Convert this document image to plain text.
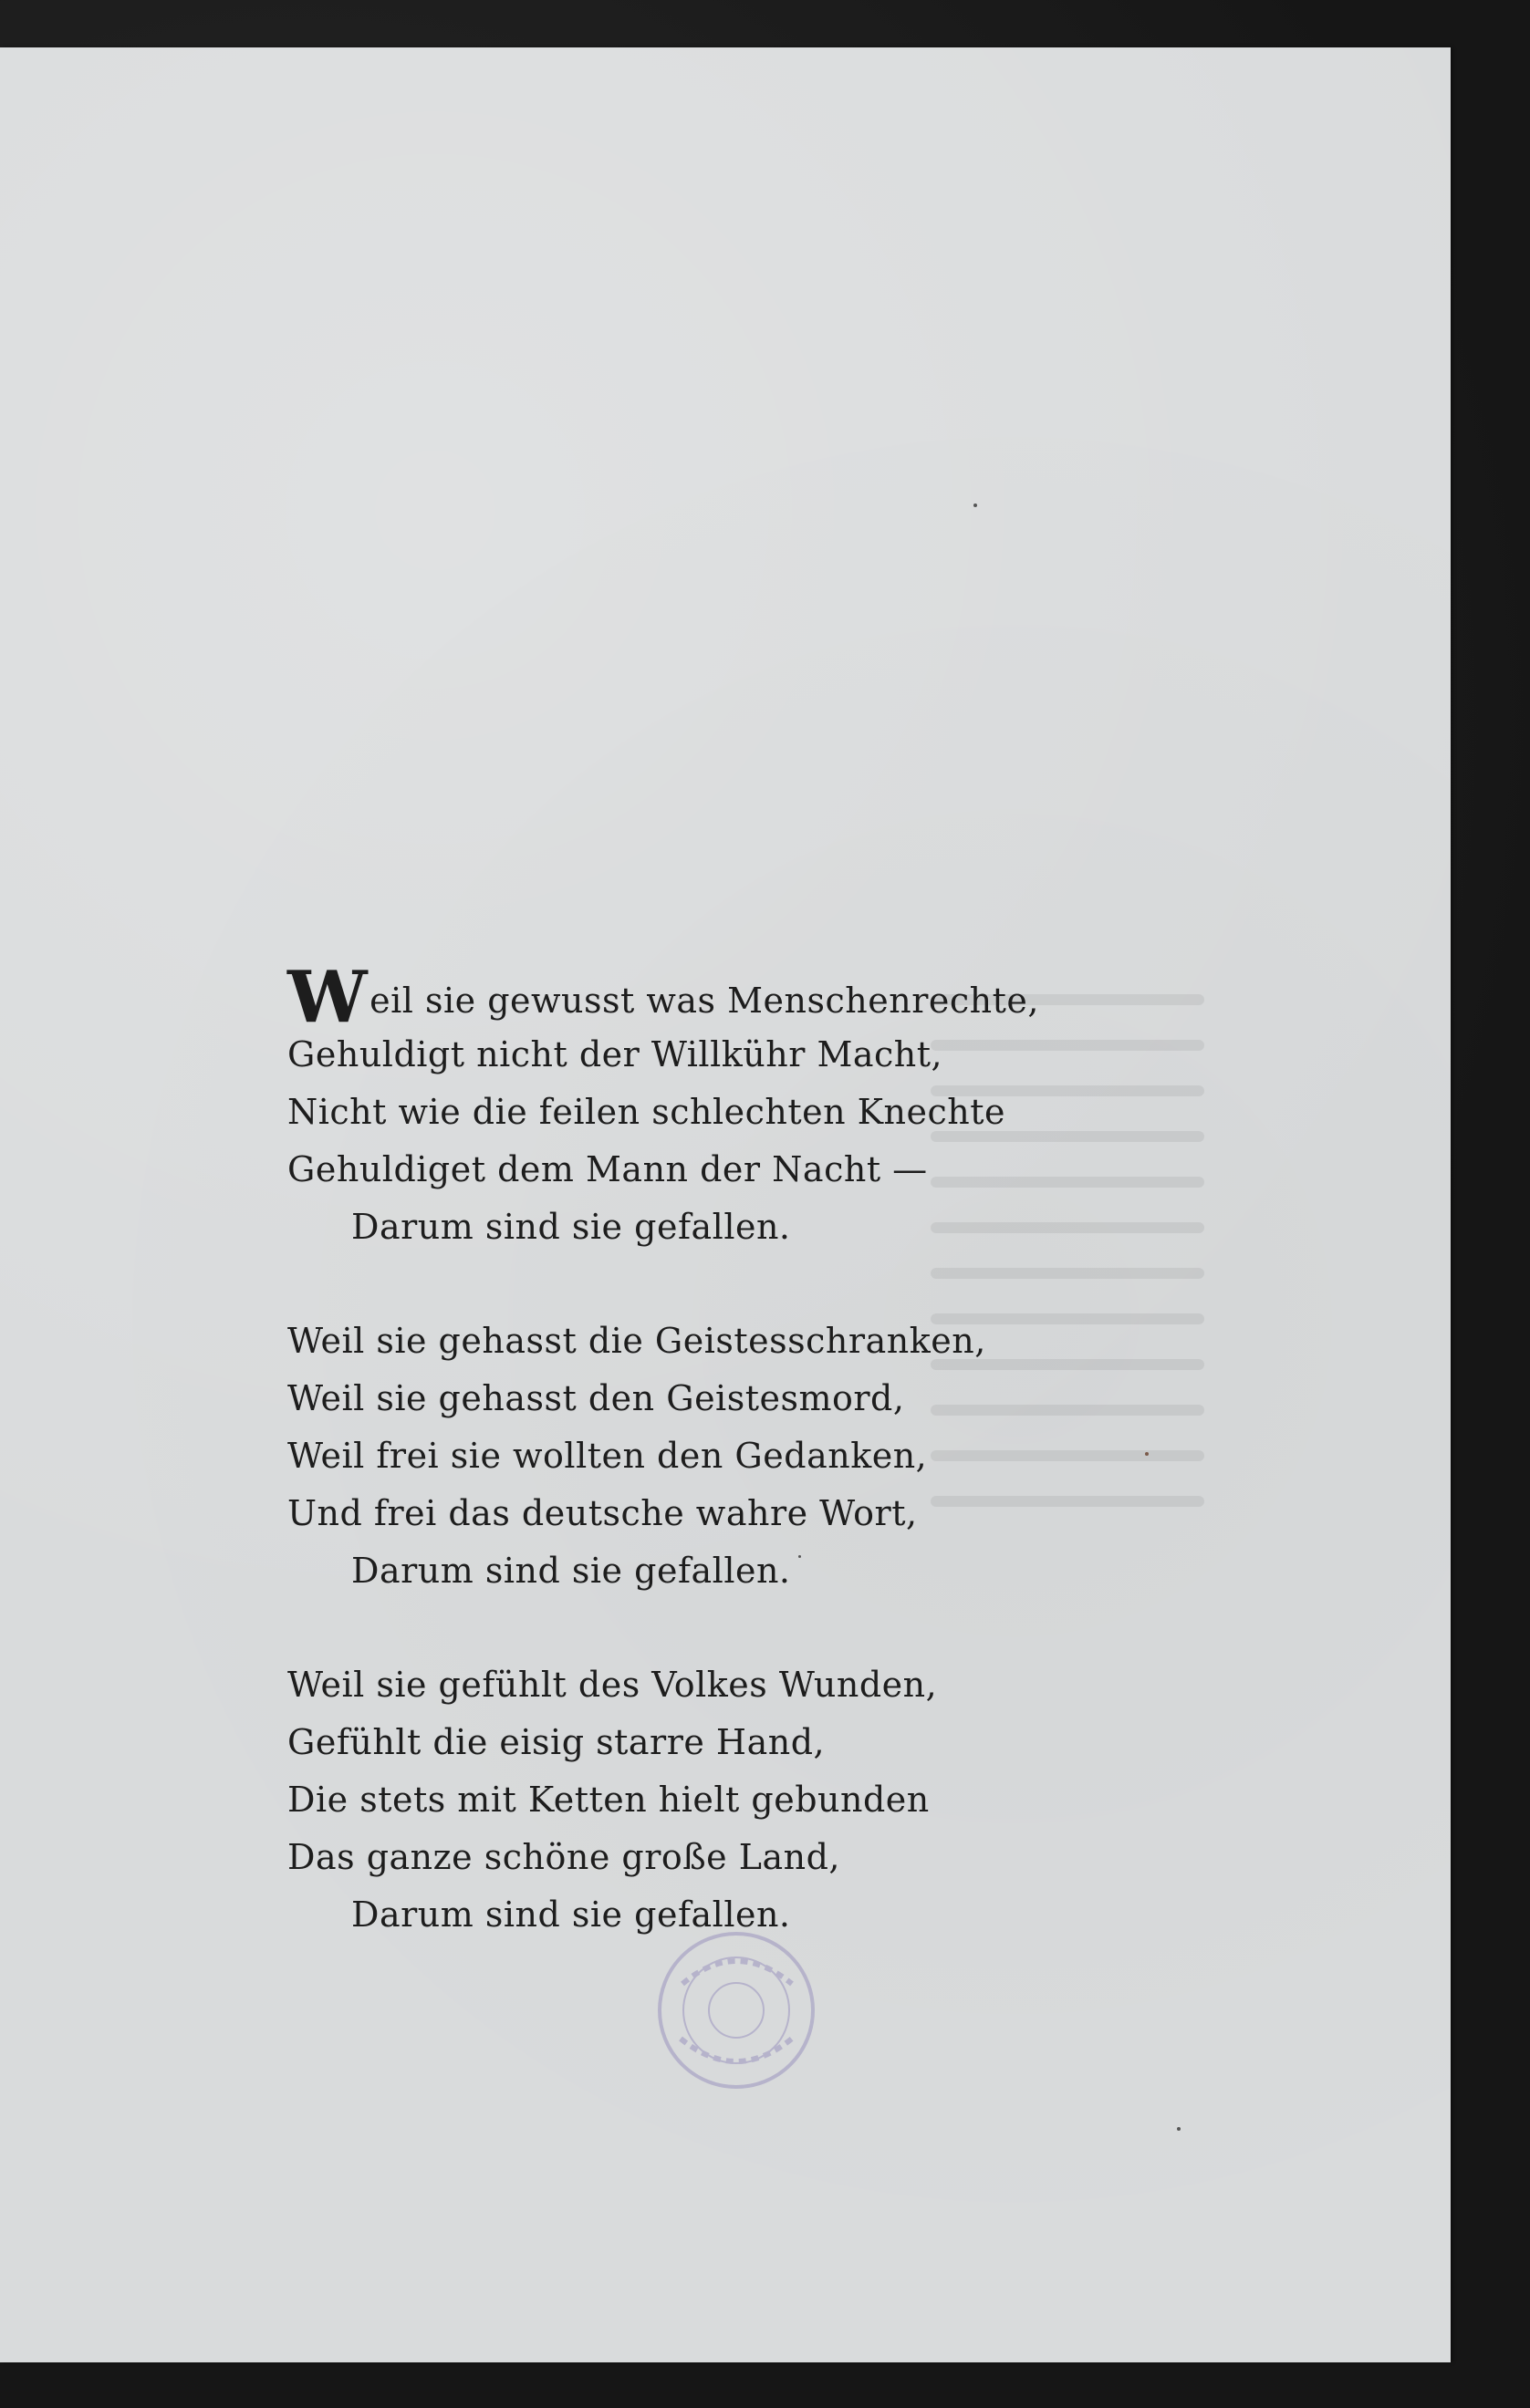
Weil sie gewusst was Menschenrechte,
Gehuldigt nicht der Willkühr Macht,
Nicht wie die feilen schlechten Knechte
Gehuldiget dem Mann der Nacht —
Darum sind sie gefallen.
Weil sie gehasst die Geistesschranken,
Weil sie gehasst den Geistesmord,
Weil frei sie wollten den Gedanken,
Und frei das deutsche wahre Wort,
Darum sind sie gefallen.
Weil sie gefühlt des Volkes Wunden,
Gefühlt die eisig starre Hand,
Die stets mit Ketten hielt gebunden
Das ganze schöne große Land,
Darum sind sie gefallen.
